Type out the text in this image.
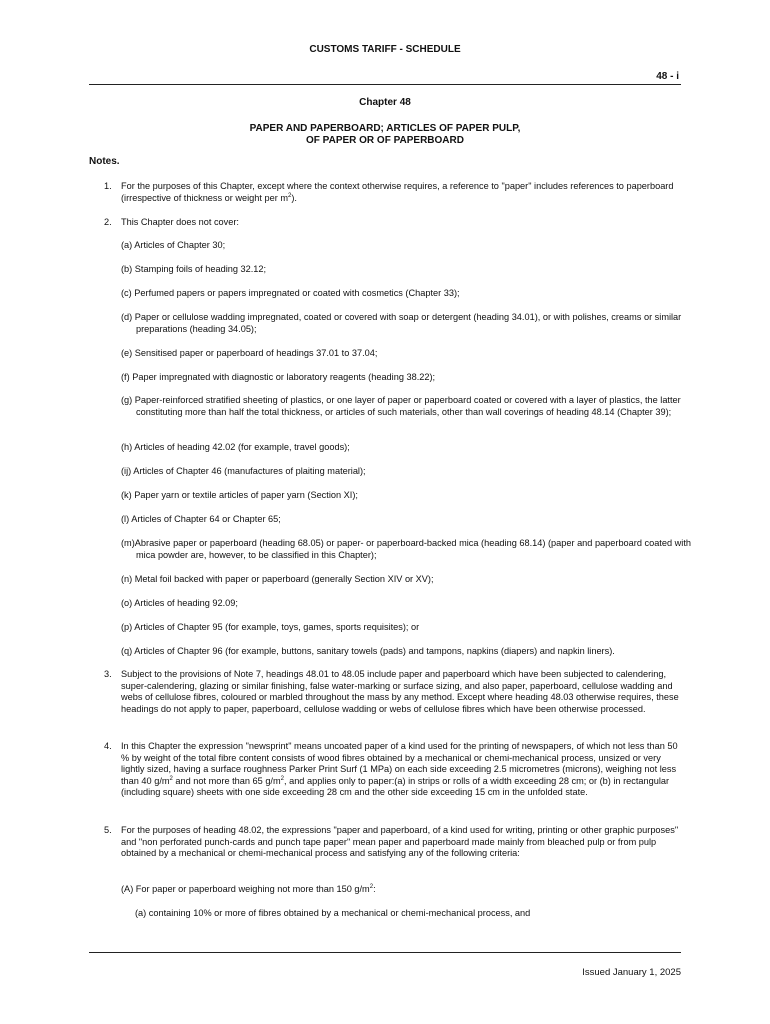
CUSTOMS TARIFF - SCHEDULE
48 - i
Chapter 48
PAPER AND PAPERBOARD; ARTICLES OF PAPER PULP,
OF PAPER OR OF PAPERBOARD
Notes.
1. For the purposes of this Chapter, except where the context otherwise requires, a reference to "paper" includes references to paperboard (irrespective of thickness or weight per $m^2$).
2. This Chapter does not cover:
(a) Articles of Chapter 30;
(b) Stamping foils of heading 32.12;
(c) Perfumed papers or papers impregnated or coated with cosmetics (Chapter 33);
(d) Paper or cellulose wadding impregnated, coated or covered with soap or detergent (heading 34.01), or with polishes, creams or similar preparations (heading 34.05);
(e) Sensitised paper or paperboard of headings 37.01 to 37.04;
(f) Paper impregnated with diagnostic or laboratory reagents (heading 38.22);
(g) Paper-reinforced stratified sheeting of plastics, or one layer of paper or paperboard coated or covered with a layer of plastics, the latter constituting more than half the total thickness, or articles of such materials, other than wall coverings of heading 48.14 (Chapter 39);
(h) Articles of heading 42.02 (for example, travel goods);
(ij) Articles of Chapter 46 (manufactures of plaiting material);
(k) Paper yarn or textile articles of paper yarn (Section XI);
(l) Articles of Chapter 64 or Chapter 65;
(m)Abrasive paper or paperboard (heading 68.05) or paper- or paperboard-backed mica (heading 68.14) (paper and paperboard coated with mica powder are, however, to be classified in this Chapter);
(n) Metal foil backed with paper or paperboard (generally Section XIV or XV);
(o) Articles of heading 92.09;
(p) Articles of Chapter 95 (for example, toys, games, sports requisites); or
(q) Articles of Chapter 96 (for example, buttons, sanitary towels (pads) and tampons, napkins (diapers) and napkin liners).
3. Subject to the provisions of Note 7, headings 48.01 to 48.05 include paper and paperboard which have been subjected to calendering, super-calendering, glazing or similar finishing, false water-marking or surface sizing, and also paper, paperboard, cellulose wadding and webs of cellulose fibres, coloured or marbled throughout the mass by any method. Except where heading 48.03 otherwise requires, these headings do not apply to paper, paperboard, cellulose wadding or webs of cellulose fibres which have been otherwise processed.
4. In this Chapter the expression "newsprint" means uncoated paper of a kind used for the printing of newspapers, of which not less than 50 % by weight of the total fibre content consists of wood fibres obtained by a mechanical or chemi-mechanical process, unsized or very lightly sized, having a surface roughness Parker Print Surf (1 MPa) on each side exceeding 2.5 micrometres (microns), weighing not less than 40 $g/m^2$ and not more than 65 $g/m^2$, and applies only to paper:(a) in strips or rolls of a width exceeding 28 cm; or (b) in rectangular (including square) sheets with one side exceeding 28 cm and the other side exceeding 15 cm in the unfolded state.
5. For the purposes of heading 48.02, the expressions "paper and paperboard, of a kind used for writing, printing or other graphic purposes" and "non perforated punch-cards and punch tape paper" mean paper and paperboard made mainly from bleached pulp or from pulp obtained by a mechanical or chemi-mechanical process and satisfying any of the following criteria:
(A) For paper or paperboard weighing not more than 150 $g/m^2$:
(a) containing 10% or more of fibres obtained by a mechanical or chemi-mechanical process, and
Issued January 1, 2025
